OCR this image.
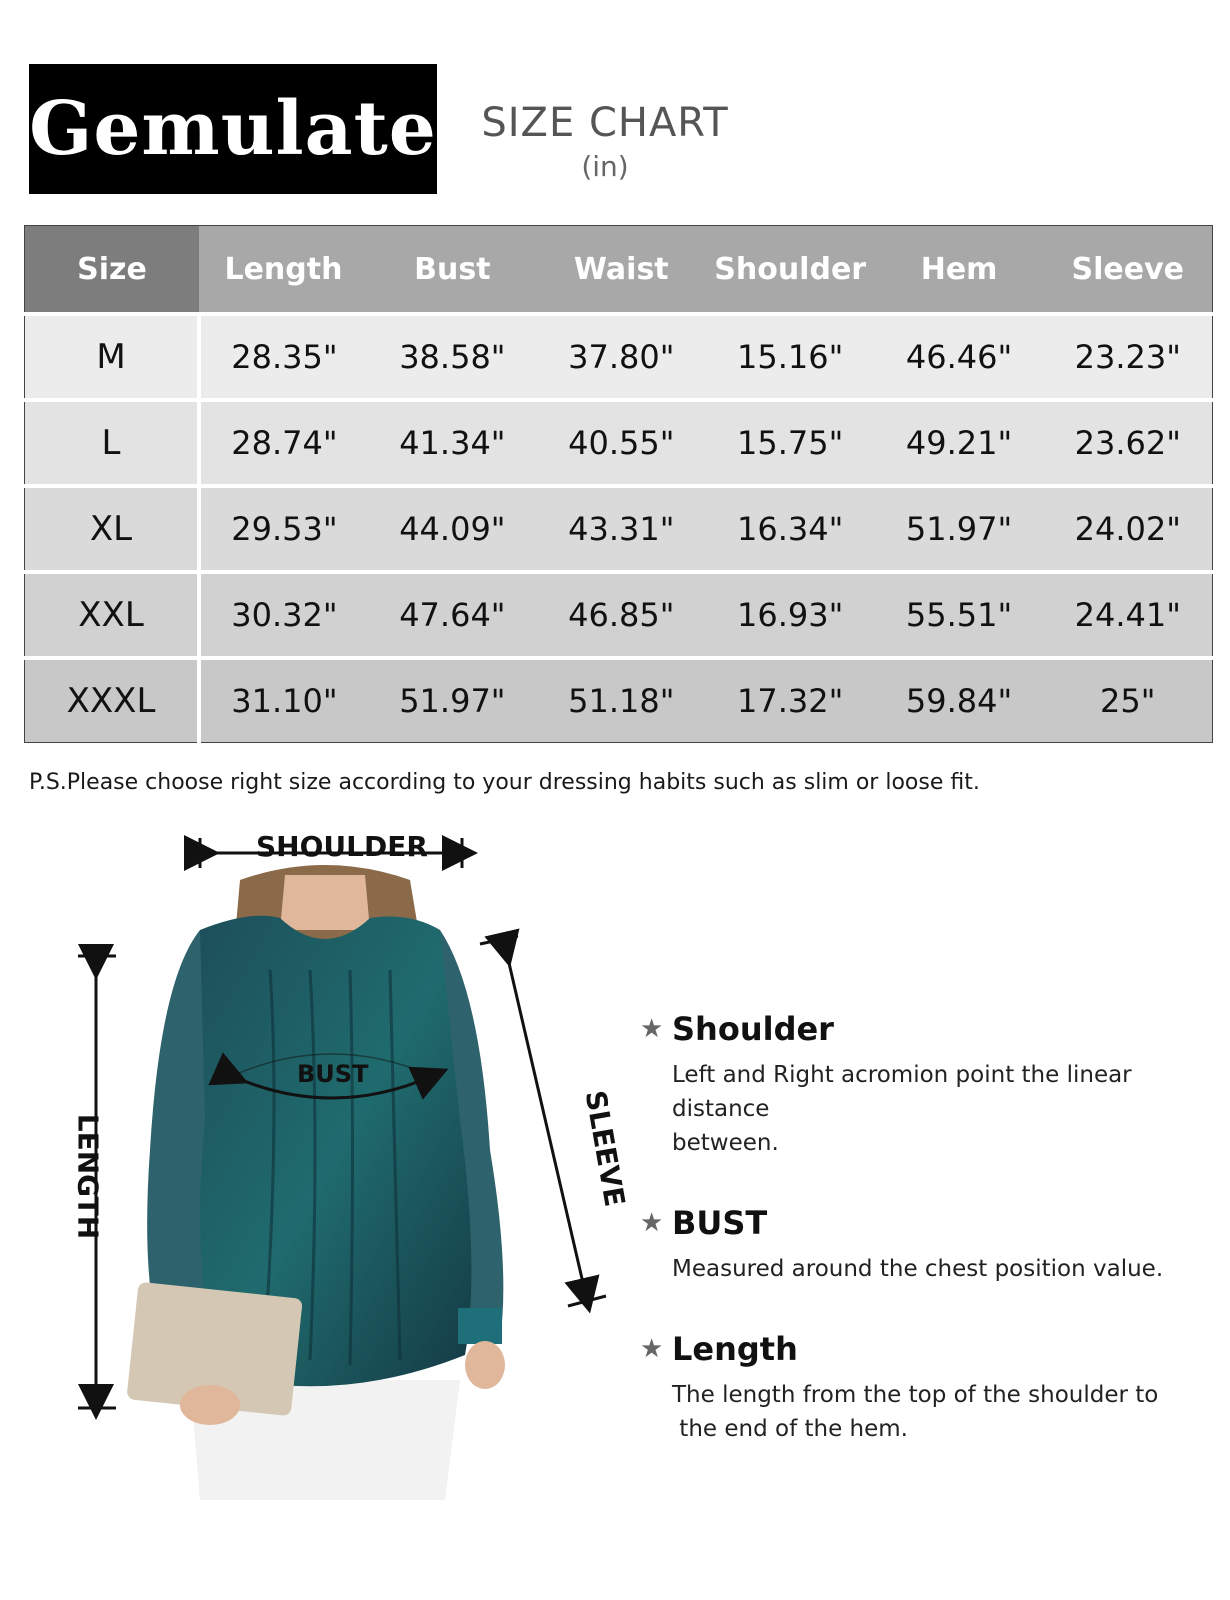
Gemulate SIZE CHART
(in)
Size	Length	Bust	Waist	Shoulder	Hem	Sleeve
M	28.35"	38.58"	37.80"	15.16"	46.46"	23.23"
L	28.74"	41.34"	40.55"	15.75"	49.21"	23.62"
XL	29.53"	44.09"	43.31"	16.34"	51.97"	24.02"
XXL	30.32"	47.64"	46.85"	16.93"	55.51"	24.41"
XXXL	31.10"	51.97"	51.18"	17.32"	59.84"	25"
P.S.Please choose right size according to your dressing habits such as slim or loose fit.
SHOULDER
BUST
LENGTH	SLEEVE
★ Shoulder
Left and Right acromion point the linear distance
between.
★ BUST
Measured around the chest position value.
★ Length
The length from the top of the shoulder to
the end of the hem.
